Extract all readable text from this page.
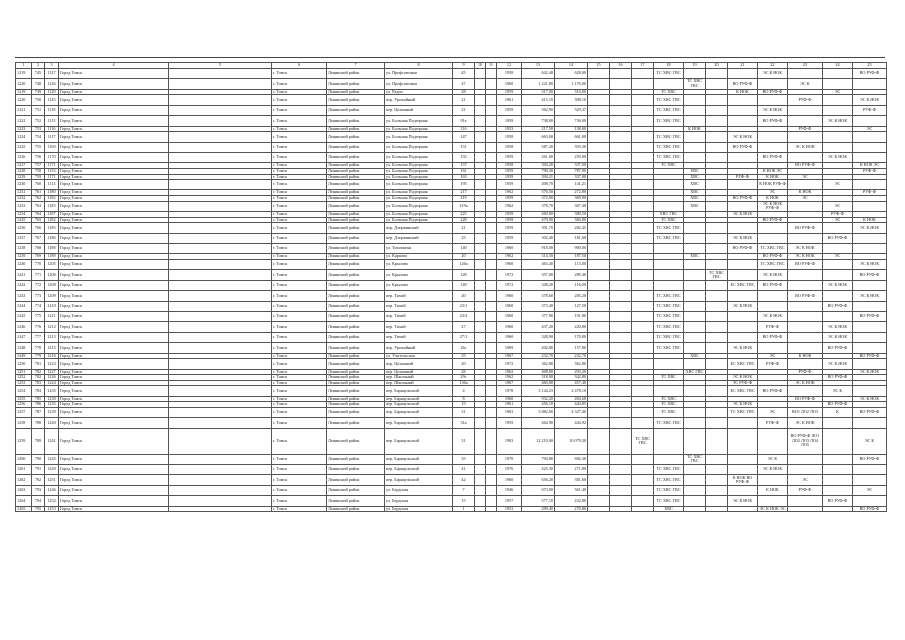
1	2	3	4	5	6	7	8	9	10	11	12	13	14	15	16	17	18	19	20	21	22	23	24	25
1219	745	1127	Город Томск		г. Томск	Ленинский район	ул. Профсоюзная	45			1958	642,40	628,00				ТС ХВС ГВС				ЭС К НОК			ВО РУФ-Ф
1220	748	1126	Город Томск		г. Томск	Ленинский район	ул. Профсоюзная	47			1960	1 221,80	1 176,00					ТС ХВС ГВС		ВО РУФ-Ф		ЭС К		
1219	749	1129	Город Томск		г. Томск	Ленинский район	ул. Радио	28			1959	317,00	310,00				ТС ХВС			К НОК	ВО РУФ-Ф		ЭС	
1220	750	1145	Город Томск		г. Томск	Ленинский район	пер. Урожайный	21			1961	415,10	398,10				ТС ХВС ГВС					РУФ-Ф		ЭС К НОК
1221	751	1118	Город Томск		г. Томск	Ленинский район	пер. Целинный	21			1959	562,90	529,37				ТС ХВС ГВС				ЭС К НОК			РУФ-Ф
1222	752	1113	Город Томск		г. Томск	Ленинский район	ул. Большая Подгорная	91а			1959	738,00	736,00				ТС ХВС ГВС				ВО РУФ-Ф		ЭС К НОК	
1223	753	1116	Город Томск		г. Томск	Ленинский район	ул. Большая Подгорная	116			1953	217,50	138,00					К НОК				РУФ-Ф		ЭС
1224	754	1117	Город Томск		г. Томск	Ленинский район	ул. Большая Подгорная	147			1958	663,00	661,00				ТС ХВС ГВС			ЭС К НОК				
1225	755	1169	Город Томск		г. Томск	Ленинский район	ул. Большая Подгорная	151			1958	587,20	593,30				ТС ХВС ГВС			ВО РУФ-Ф		ЭС К НОК		
1226	756	1170	Город Томск		г. Томск	Ленинский район	ул. Большая Подгорная	155			1959	261,00	259,00				ТС ХВС ГВС				ВО РУФ-Ф		ЭС К НОК	
1227	757	1171	Город Томск		г. Томск	Ленинский район	ул. Большая Подгорная	157			1958	394,20	337,00				ТС ХВС					ВО РУФ-Ф		К НОК ЭС
1228	758	1133	Город Томск		г. Томск	Ленинский район	ул. Большая Подгорная	161			1959	790,30	787,90					ХВС			К НОК ЭС			РУФ-Ф
1229	759	1171	Город Томск		г. Томск	Ленинский район	ул. Большая Подгорная	163			1959	394,21	337,00					ХВС		РУФ-Ф	К НОК	ЭС		
1230	760	1113	Город Томск		г. Томск	Ленинский район	ул. Большая Подгорная	195			1959	408,70	141,21					ХВС			К НОК РУФ-Ф		ЭС	
1231	761	1180	Город Томск		г. Томск	Ленинский район	ул. Большая Подгорная	217			1962	376,50	272,80					ХВС			ЭС	К НОК		РУФ-Ф
1232	762	1182	Город Томск		г. Томск	Ленинский район	ул. Большая Подгорная	219			1959	372,00	369,90					ХВС		ВО РУФ-Ф	К НОК	ЭС		
1233	763	1183	Город Томск		г. Томск	Ленинский район	ул. Большая Подгорная	219а			1962	378,70	367,40					ХВС			ЭС К НОК РУФ-Ф		ЭС	
1234	764	1187	Город Томск		г. Томск	Ленинский район	ул. Большая Подгорная	225			1959	460,00	380,50				ХВС ГВС			ЭС К НОК			РУФ-Ф	
1235	765	1182	Город Томск		г. Томск	Ленинский район	ул. Большая Подгорная	228			1958	470,00	384,80				ТС ХВС				ВО РУФ-Ф		ЭС	К НОК
1236	766	1185	Город Томск		г. Томск	Ленинский район	пер. Дзержинский	21			1959	501,70	282,45				ТС ХВС ГВС					ВО РУФ-Ф		ЭС К НОК
1237	767	1186	Город Томск		г. Томск	Ленинский район	пер. Дзержинский	25			1959	302,40	181,60				ТС ХВС ГВС			ЭС К НОК			ВО РУФ-Ф	
1238	768	1188	Город Томск		г. Томск	Ленинский район	ул. Тихоокеан	140			1960	918,00	900,00							ВО РУФ-Ф	ТС ХВС ГВС	ЭС К НОК		
1239	769	1189	Город Томск		г. Томск	Ленинский район	ул. Карпова	20			1962	314,50	187,50					ХВС			ВО РУФ-Ф	ЭС К НОК	ЭС	
1240	770	1205	Город Томск		г. Томск	Ленинский район	ул. Крылова	126а			1960	463,40	113,00								ТС ХВС ГВС	ВО РУФ-Ф		ЭС К НОК
1241	771	1206	Город Томск		г. Томск	Ленинский район	ул. Крылова	128			1972	357,00	289,40						ТС ХВС ГВС		ЭС К НОК			ВО РУФ-Ф
1242	772	1208	Город Томск		г. Томск	Ленинский район	ул. Крылова	149			1972	348,20	116,00							ЕС ХВС ГВС	ВО РУФ-Ф		ЭС К НОК	
1243	773	1209	Город Томск		г. Томск	Ленинский район	пер. Тихий	20			1960	378,60	285,20				ТС ХВС ГВС					ВО РУФ-Ф		ЭС К НОК
1244	774	1210	Город Томск		г. Томск	Ленинский район	пер. Тихий	23/1			1960	373,40	127,50				ТС ХВС ГВС			ЭС К НОК			ВО РУФ-Ф	
1245	775	1211	Город Томск		г. Томск	Ленинский район	пер. Тихий	23/3			1960	377,90	191,80				ТС ХВС ГВС				ЭС К НОК			ВО РУФ-Ф
1246	776	1212	Город Томск		г. Томск	Ленинский район	пер. Тихий	27			1960	437,20	220,80				ТС ХВС ГВС				РУФ-Ф		ЭС К НОК	
1247	777	1213	Город Томск		г. Томск	Ленинский район	пер. Тихий	27/1			1960	328,90	170,00				ТС ХВС ГВС				ВО РУФ-Ф		ЭС К НОК	
1248	778	1215	Город Томск		г. Томск	Ленинский район	пер. Урожайный	26с			1969	202,80	157,80				ТС ХВС ГВС			ЭС К НОК			ВО РУФ-Ф	
1249	779	1216	Город Томск		г. Томск	Ленинский район	ул. Учительская	55			1967	232,70	232,70					ХВС			ЭС	К НОК		ВО РУФ-Ф
1250	781	1223	Город Томск		г. Томск	Ленинский район	пер. Целинный	20			1972	362,80	362,80							ЕС ХВС ГВС	РУФ-Ф		ЭС К НОК	
1251	782	1227	Город Томск		г. Томск	Ленинский район	пер. Целинный	28			1962	498,80	293,20					ХВС ГВС				РУФ-Ф		ЭС К НОК
1252	782	1226	Город Томск		г. Томск	Ленинский район	пер. Школьный	29с			1962	318,90	342,80				ТС ХВС			ЭС К НОК			ВО РУФ-Ф	
1253	783	1224	Город Томск		г. Томск	Ленинский район	пер. Школьный	136а			1967	460,80	457,40							ТС РУФ-Ф		ЭС К НОК		
1254	784	1235	Город Томск		г. Томск	Ленинский район	пер. Барнаульский	4			1978	3 144,23	2 478,10							ЕС ХВС ГВС	ВО РУФ-Ф		ЭС К	
1255	785	1230	Город Томск		г. Томск	Ленинский район	пер. Барнаульский	8			1960	932,20	494,68				ТС ХВС					ВО РУФ-Ф		ЭС К НОК
1256	786	1235	Город Томск		г. Томск	Ленинский район	пер. Барнаульский	15			1961	456,10	444,85				ТС ХВС			ЭС К НОК			ВО РУФ-Ф	
1257	787	1239	Город Томск		г. Томск	Ленинский район	пер. Барнаульский	31			1963	3 882,60	4 327,40				ТС ХВС			ТС ХВС ГВС	ЭС	ВО1 ЛО2 ЛО3	К	ВО РУФ-Ф
1258	788	1240	Город Томск		г. Томск	Ленинский район	пер. Барнаульский	31а			1959	464,90	444,92				ТС ХВС ГВС				РУФ-Ф	ЭС К НОК		
1259	789	1241	Город Томск		г. Томск	Ленинский район	пер. Барнаульский	31			1983	12 210,00	10 079,30			ТС ХВС ГВС						ВО РУФ-Ф ЛО1 ЛО2 ЛО3 ЛО4 ЛО5		ЭС К
1260	790	1245	Город Томск		г. Томск	Ленинский район	пер. Барнаульский	35			1970	794,80	682,30					ТС ХВС ГВС			ЭС К			ВО РУФ-Ф
1261	791	1249	Город Томск		г. Томск	Ленинский район	пер. Барнаульский	41			1976	425,30	271,80				ТС ХВС ГВС				ЭС К НОК			
1262	792	1251	Город Томск		г. Томск	Ленинский район	пер. Барнаульский	42			1960	656,20	381,60				ТС ХВС ГВС			К НОК ВО РУФ-Ф		ЭС		
1263	793	1246	Город Томск		г. Томск	Ленинский район	ул. Бердская	7			1946	673,00	561,40				ТС ХВС ГВС				К НОК	РУФ-Ф		ЭС
1264	794	1252	Город Томск		г. Томск	Ленинский район	ул. Бердская	15			1957	577,10	432,80				ТС ХВС ГВС			ЭС К НОК			ВО РУФ-Ф	
1265	795	1253	Город Томск		г. Томск	Ленинский район	ул. Бердская	1			1953	299,40	270,80				ХВС				ЭС К НОК ЭС			ВО РУФ-Ф
